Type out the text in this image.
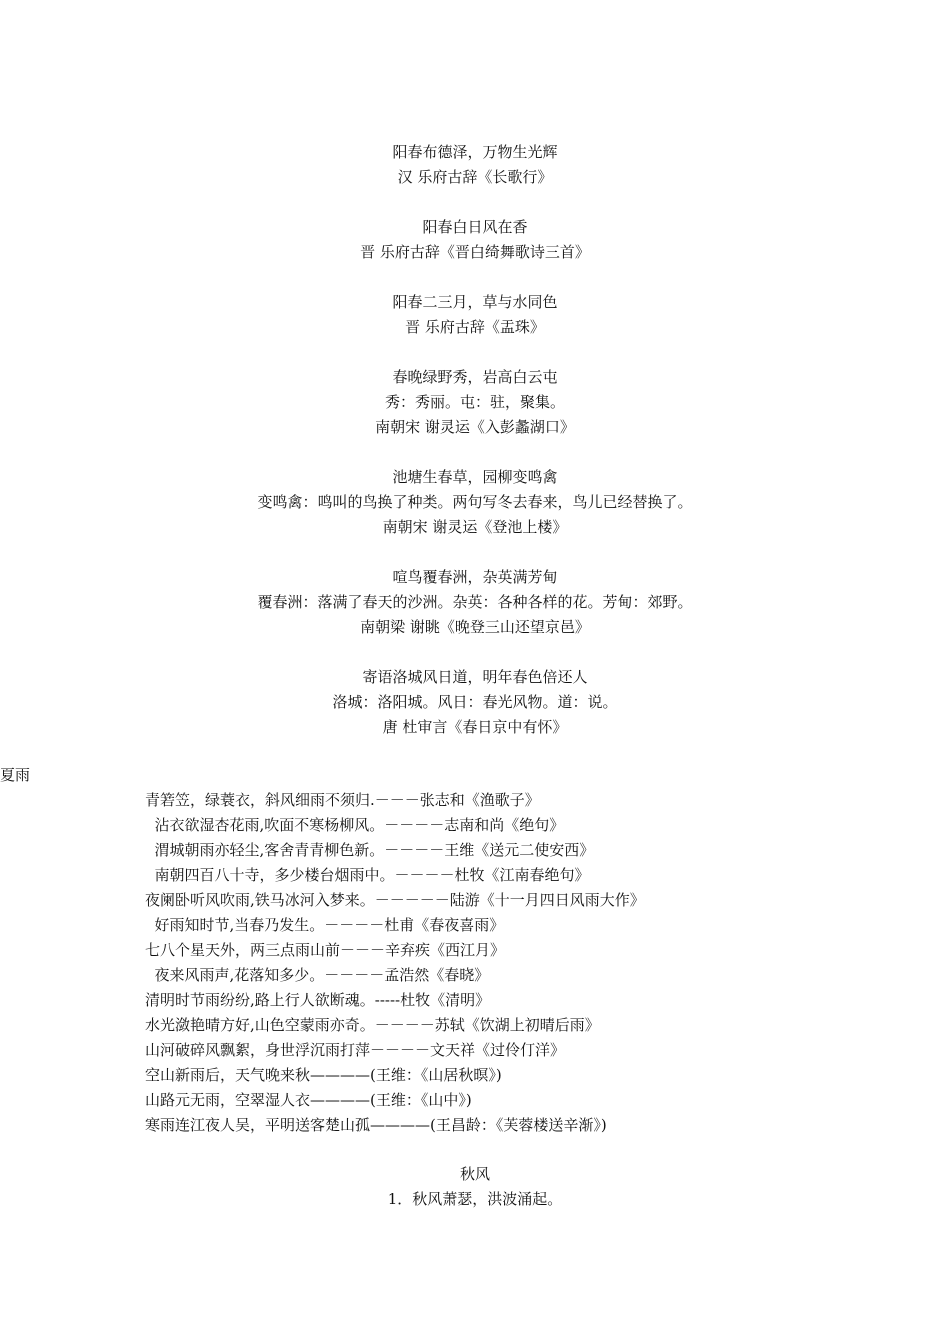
阳春布德泽，万物生光辉

汉 乐府古辞《长歌行》

阳春白日风在香

晋 乐府古辞《晋白绮舞歌诗三首》

阳春二三月，草与水同色

晋 乐府古辞《盂珠》

春晚绿野秀，岩高白云屯

秀：秀丽。屯：驻，聚集。

南朝宋 谢灵运《入彭蠡湖口》

池塘生春草，园柳变鸣禽

变鸣禽：鸣叫的鸟换了种类。两句写冬去春来，鸟儿已经替换了。

南朝宋 谢灵运《登池上楼》

喧鸟覆春洲，杂英满芳甸

覆春洲：落满了春天的沙洲。杂英：各种各样的花。芳甸：郊野。

南朝梁 谢眺《晚登三山还望京邑》

寄语洛城风日道，明年春色倍还人

洛城：洛阳城。风日：春光风物。道：说。

唐 杜审言《春日京中有怀》

夏雨

青箬笠，绿蓑衣，斜风细雨不须归.－－－张志和《渔歌子》

沾衣欲湿杏花雨,吹面不寒杨柳风。－－－－志南和尚《绝句》

渭城朝雨亦轻尘,客舍青青柳色新。－－－－王维《送元二使安西》

南朝四百八十寺，多少楼台烟雨中。－－－－杜牧《江南春绝句》

夜阑卧听风吹雨,铁马冰河入梦来。－－－－－陆游《十一月四日风雨大作》

好雨知时节,当春乃发生。－－－－杜甫《春夜喜雨》

七八个星天外，两三点雨山前－－－辛弃疾《西江月》

夜来风雨声,花落知多少。－－－－孟浩然《春晓》

清明时节雨纷纷,路上行人欲断魂。-----杜牧《清明》

水光潋艳晴方好,山色空蒙雨亦奇。－－－－苏轼《饮湖上初晴后雨》

山河破碎风飘絮，身世浮沉雨打萍－－－－文天祥《过伶仃洋》

空山新雨后，天气晚来秋————(王维：《山居秋暝》)

山路元无雨，空翠湿人衣————(王维：《山中》)

寒雨连江夜人吴，平明送客楚山孤————(王昌龄：《芙蓉楼送辛渐》)

秋风

1．秋风萧瑟，洪波涌起。
